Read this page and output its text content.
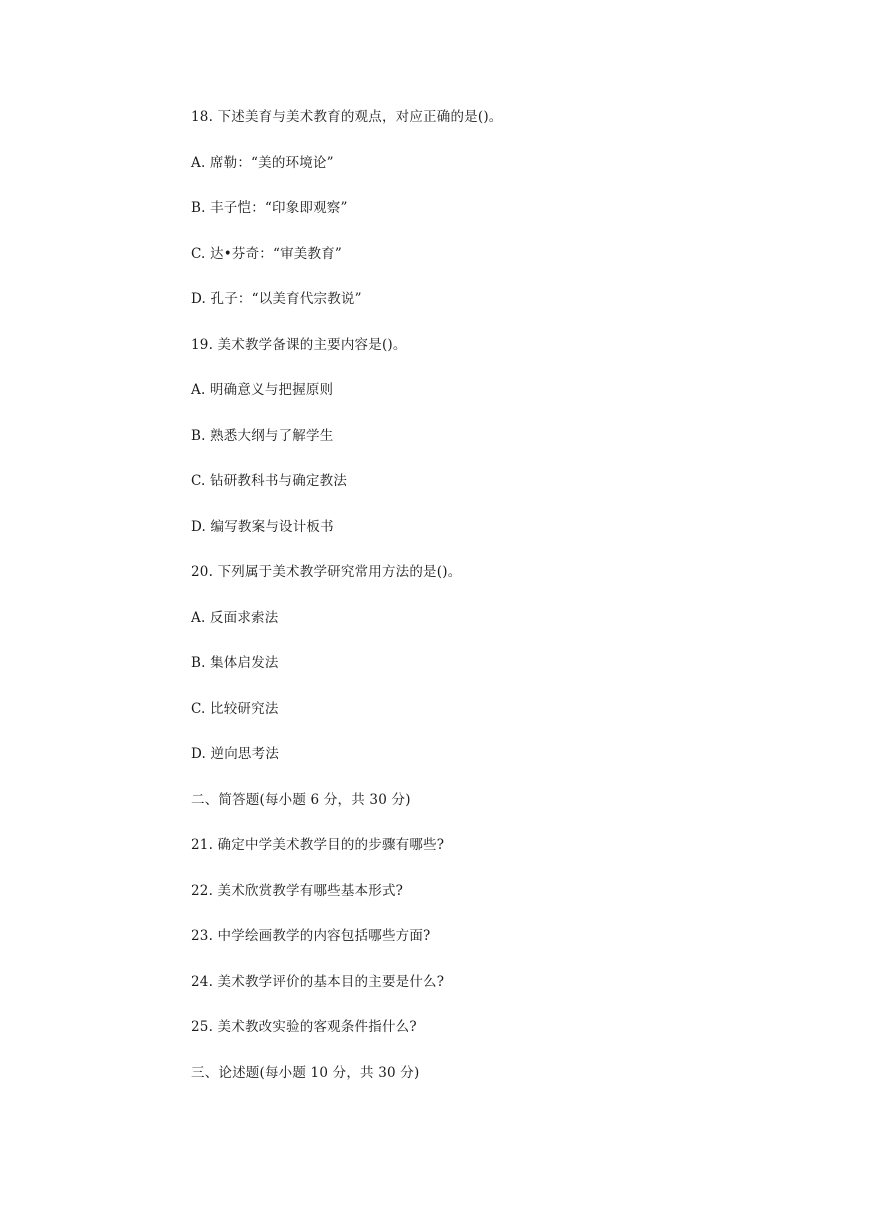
18. 下述美育与美术教育的观点，对应正确的是()。
A. 席勒：“美的环境论”
B. 丰子恺：“印象即观察”
C. 达•芬奇：“审美教育”
D. 孔子：“以美育代宗教说”
19. 美术教学备课的主要内容是()。
A. 明确意义与把握原则
B. 熟悉大纲与了解学生
C. 钻研教科书与确定教法
D. 编写教案与设计板书
20. 下列属于美术教学研究常用方法的是()。
A. 反面求索法
B. 集体启发法
C. 比较研究法
D. 逆向思考法
二、简答题(每小题 6 分，共 30 分)
21. 确定中学美术教学目的的步骤有哪些?
22. 美术欣赏教学有哪些基本形式?
23. 中学绘画教学的内容包括哪些方面?
24. 美术教学评价的基本目的主要是什么?
25. 美术教改实验的客观条件指什么?
三、论述题(每小题 10 分，共 30 分)
